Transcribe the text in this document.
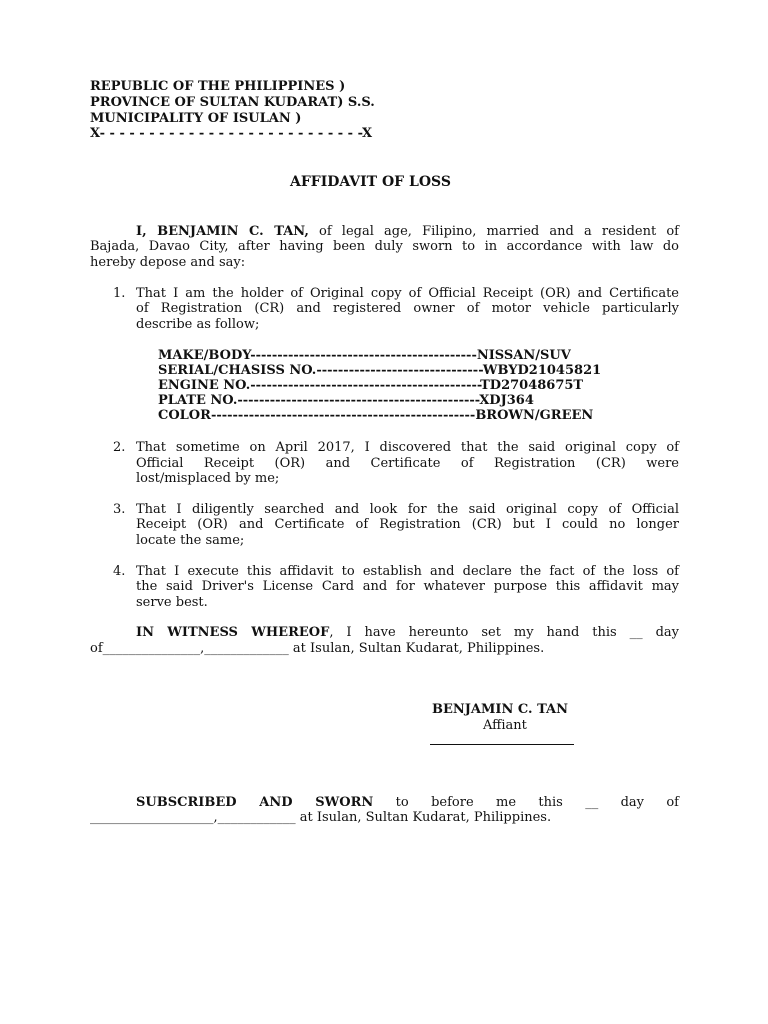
REPUBLIC OF THE PHILIPPINES )
PROVINCE OF SULTAN KUDARAT) S.S.
MUNICIPALITY OF ISULAN )
X- - - - - - - - - - - - - - - - - - - - - - - - - - -X
AFFIDAVIT OF LOSS
I, BENJAMIN C. TAN, of legal age, Filipino, married and a resident of
Bajada, Davao City, after having been duly sworn to in accordance with law do
hereby depose and say:
1. That I am the holder of Original copy of Official Receipt (OR) and Certificate
of Registration (CR) and registered owner of motor vehicle particularly
describe as follow;
MAKE/BODY------------------------------------------NISSAN/SUV
SERIAL/CHASISS NO.-------------------------------WBYD21045821
ENGINE NO.-------------------------------------------TD27048675T
PLATE NO.---------------------------------------------XDJ364
COLOR-------------------------------------------------BROWN/GREEN
2. That sometime on April 2017, I discovered that the said original copy of
Official Receipt (OR) and Certificate of Registration (CR) were
lost/misplaced by me;
3. That I diligently searched and look for the said original copy of Official
Receipt (OR) and Certificate of Registration (CR) but I could no longer
locate the same;
4. That I execute this affidavit to establish and declare the fact of the loss of
the said Driver's License Card and for whatever purpose this affidavit may
serve best.
IN WITNESS WHEREOF, I have hereunto set my hand this __ day
of_______________,_____________ at Isulan, Sultan Kudarat, Philippines.
BENJAMIN C. TAN
Affiant
SUBSCRIBED AND SWORN to before me this __ day of
___________________,____________ at Isulan, Sultan Kudarat, Philippines.
